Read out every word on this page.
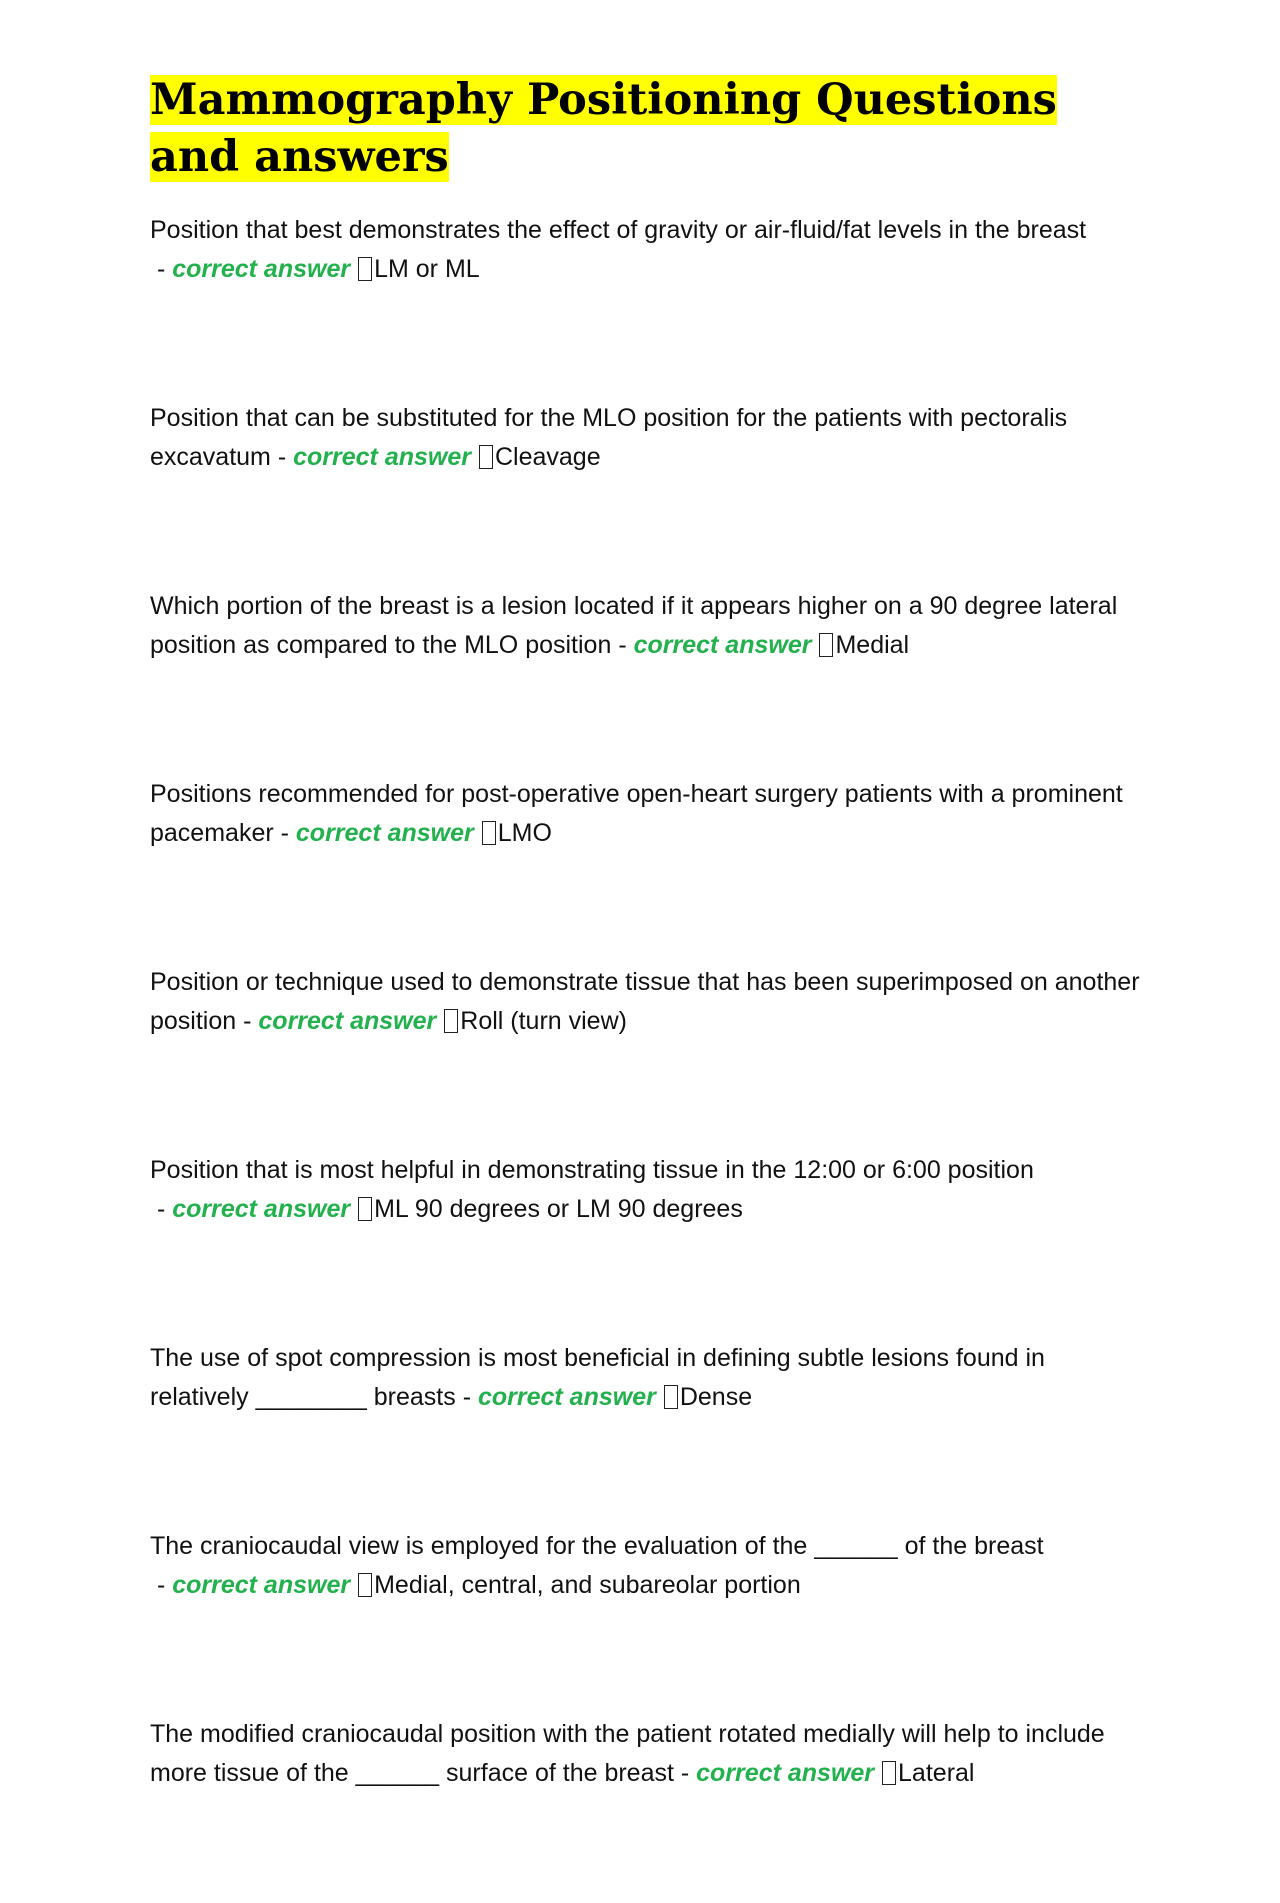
Mammography Positioning Questions and answers

Position that best demonstrates the effect of gravity or air-fluid/fat levels in the breast - correct answer LM or ML

Position that can be substituted for the MLO position for the patients with pectoralis excavatum - correct answer Cleavage

Which portion of the breast is a lesion located if it appears higher on a 90 degree lateral position as compared to the MLO position - correct answer Medial

Positions recommended for post-operative open-heart surgery patients with a prominent pacemaker - correct answer LMO

Position or technique used to demonstrate tissue that has been superimposed on another position - correct answer Roll (turn view)

Position that is most helpful in demonstrating tissue in the 12:00 or 6:00 position - correct answer ML 90 degrees or LM 90 degrees

The use of spot compression is most beneficial in defining subtle lesions found in relatively ________ breasts - correct answer Dense

The craniocaudal view is employed for the evaluation of the ______ of the breast - correct answer Medial, central, and subareolar portion

The modified craniocaudal position with the patient rotated medially will help to include more tissue of the ______ surface of the breast - correct answer Lateral
